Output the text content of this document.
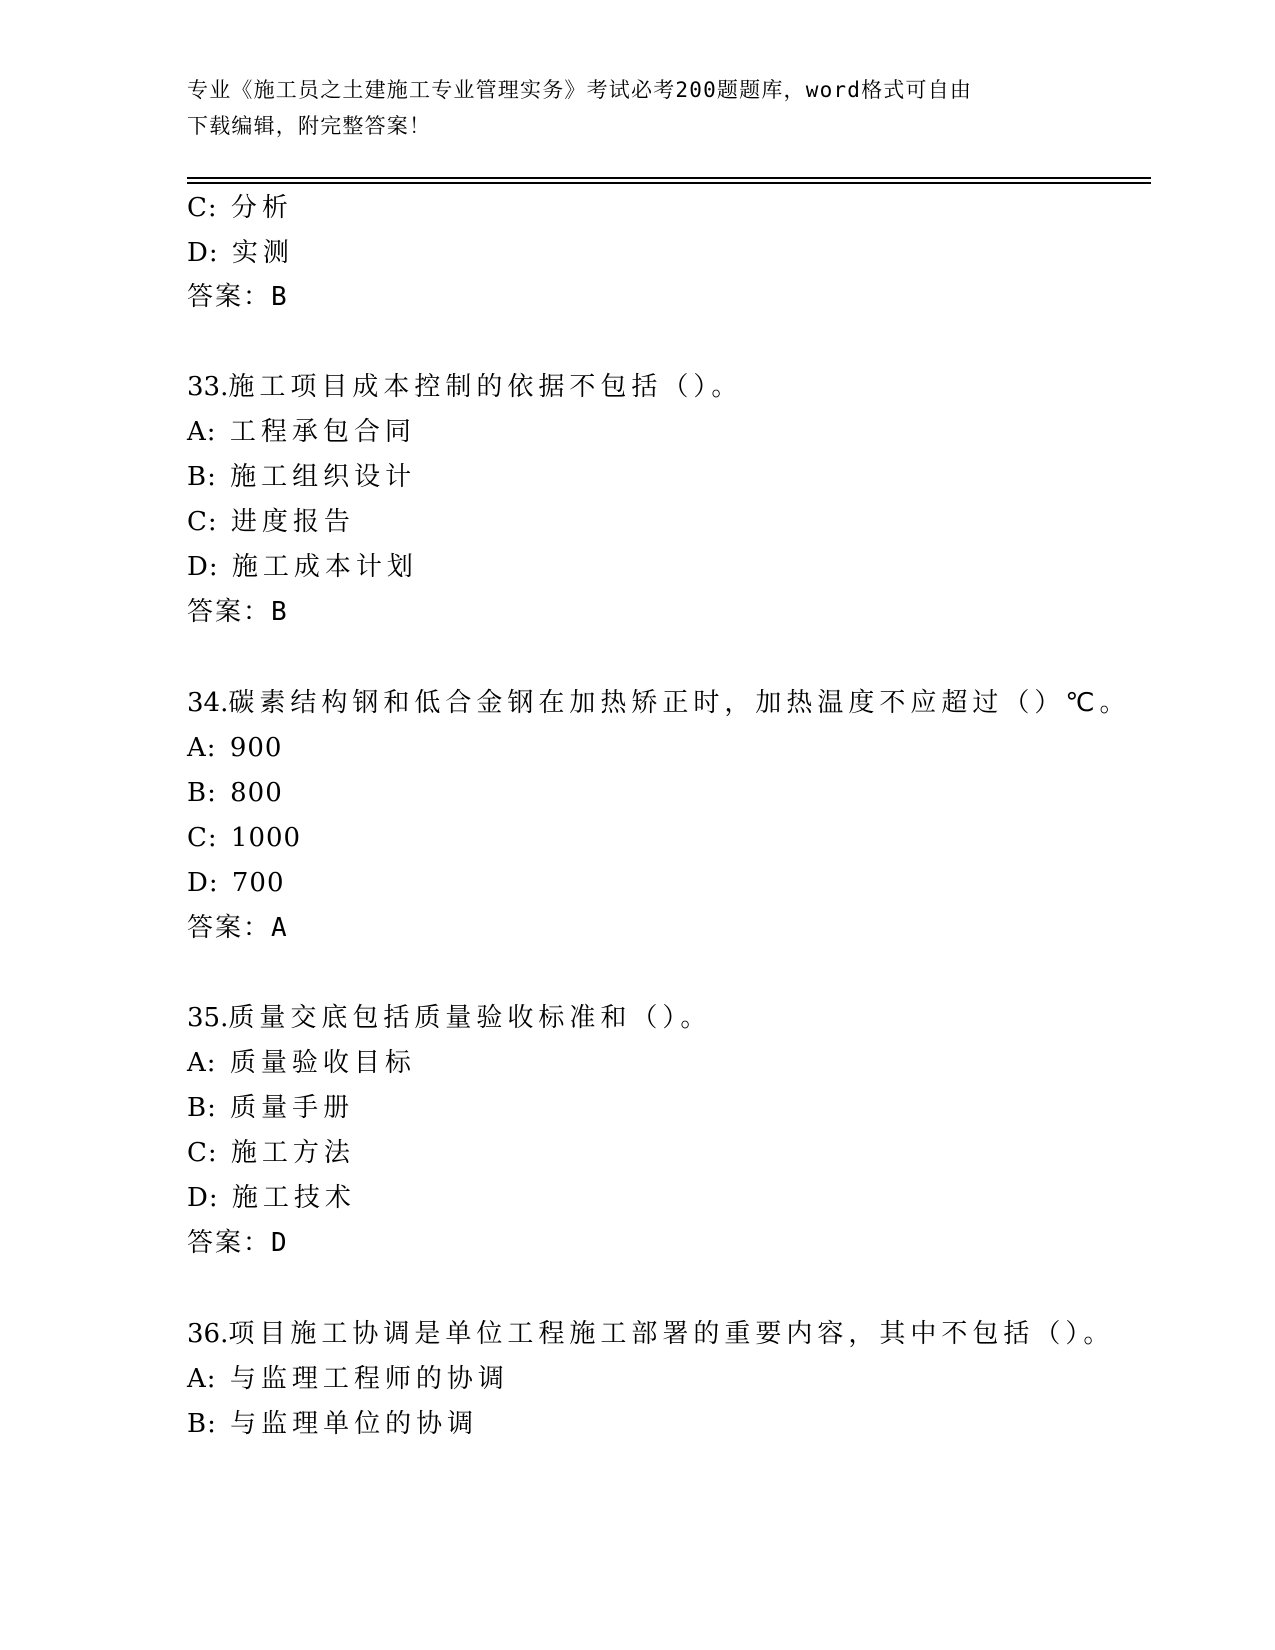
专业《施工员之土建施工专业管理实务》考试必考200题题库，word格式可自由
下载编辑，附完整答案！
C: 分析
D: 实测
答案：B
33.施工项目成本控制的依据不包括（）。
A: 工程承包合同
B: 施工组织设计
C: 进度报告
D: 施工成本计划
答案：B
34.碳素结构钢和低合金钢在加热矫正时，加热温度不应超过（）℃。
A: 900
B: 800
C: 1000
D: 700
答案：A
35.质量交底包括质量验收标准和（）。
A: 质量验收目标
B: 质量手册
C: 施工方法
D: 施工技术
答案：D
36.项目施工协调是单位工程施工部署的重要内容，其中不包括（）。
A: 与监理工程师的协调
B: 与监理单位的协调
